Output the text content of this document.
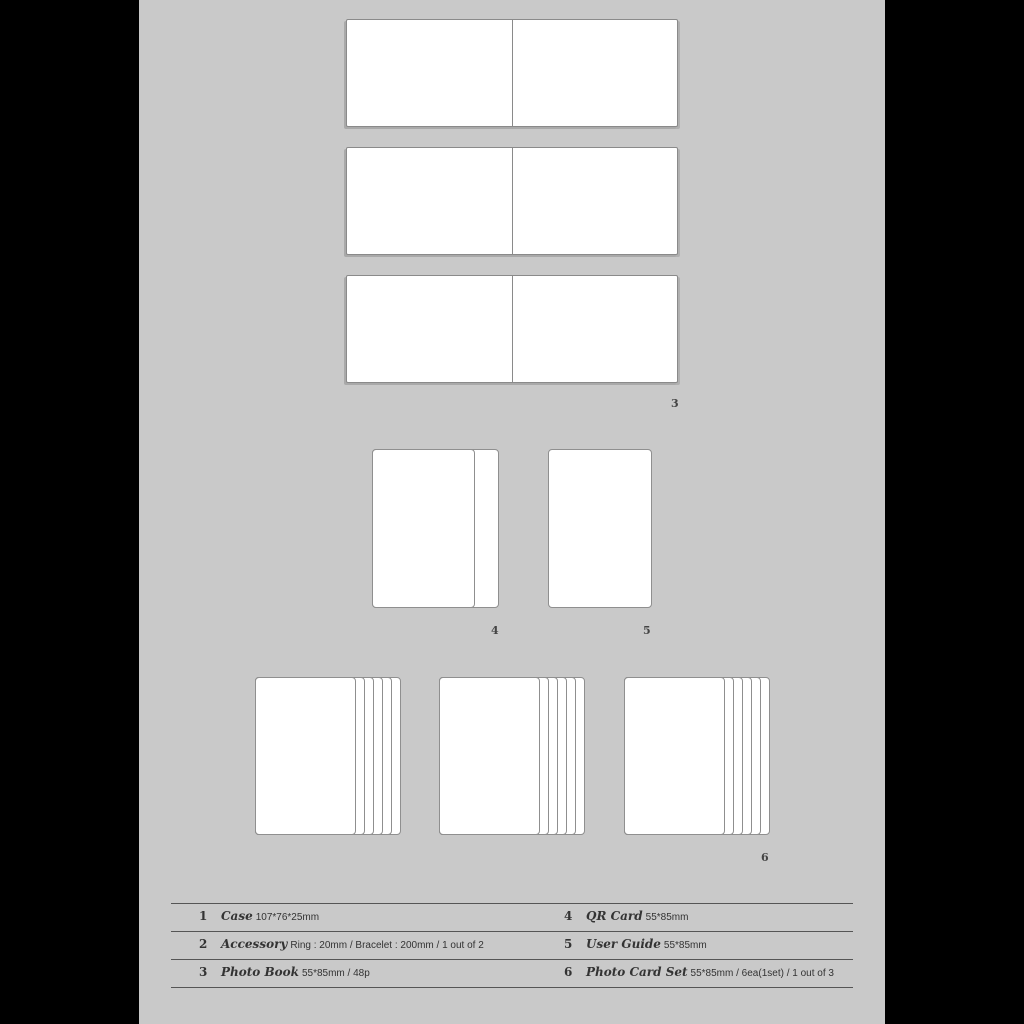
3
4	5
6
1 Case 107*76*25mm
2 Accessory Ring : 20mm / Bracelet : 200mm / 1 out of 2
3 Photo Book 55*85mm / 48p
4 QR Card 55*85mm
5 User Guide 55*85mm
6 Photo Card Set 55*85mm / 6ea(1set) / 1 out of 3
